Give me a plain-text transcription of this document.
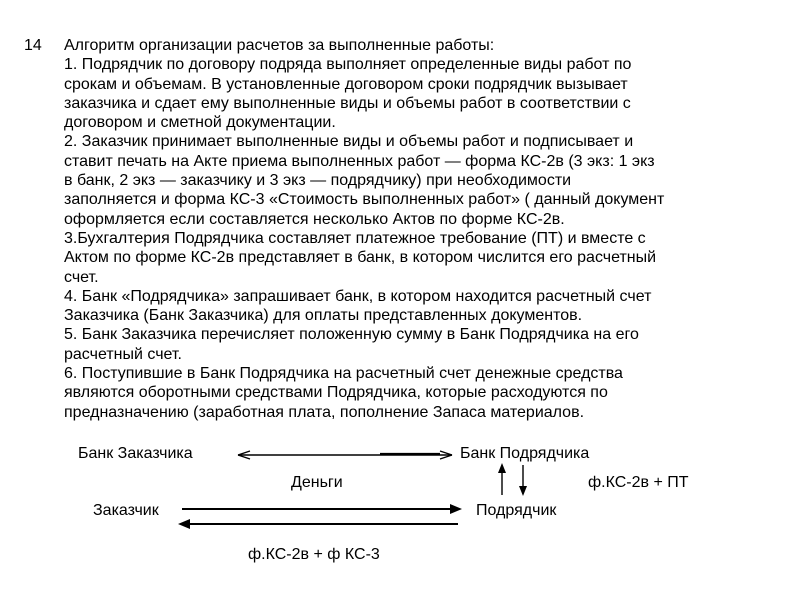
14 Алгоритм организации расчетов за выполненные работы:
1. Подрядчик по договору подряда выполняет определенные виды работ по
срокам и объемам. В установленные договором сроки подрядчик вызывает
заказчика и сдает ему выполненные виды и объемы работ в соответствии с
договором и сметной документации.
2. Заказчик принимает выполненные виды и объемы работ и подписывает и
ставит печать на Акте приема выполненных работ — форма КС-2в (3 экз: 1 экз
в банк, 2 экз — заказчику и 3 экз — подрядчику) при необходимости
заполняется и форма КС-3 «Стоимость выполненных работ» ( данный документ
оформляется если составляется несколько Актов по форме КС-2в.
3.Бухгалтерия Подрядчика составляет платежное требование (ПТ) и вместе с
Актом по форме КС-2в представляет в банк, в котором числится его расчетный
счет.
4. Банк «Подрядчика» запрашивает банк, в котором находится расчетный счет
Заказчика (Банк Заказчика) для оплаты представленных документов.
5. Банк Заказчика перечисляет положенную сумму в Банк Подрядчика на его
расчетный счет.
6. Поступившие в Банк Подрядчика на расчетный счет денежные средства
являются оборотными средствами Подрядчика, которые расходуются по
предназначению (заработная плата, пополнение Запаса материалов.
Банк Заказчика	Банк Подрядчика
Деньги	ф.КС-2в + ПТ
Заказчик	Подрядчик
ф.КС-2в + ф КС-3
